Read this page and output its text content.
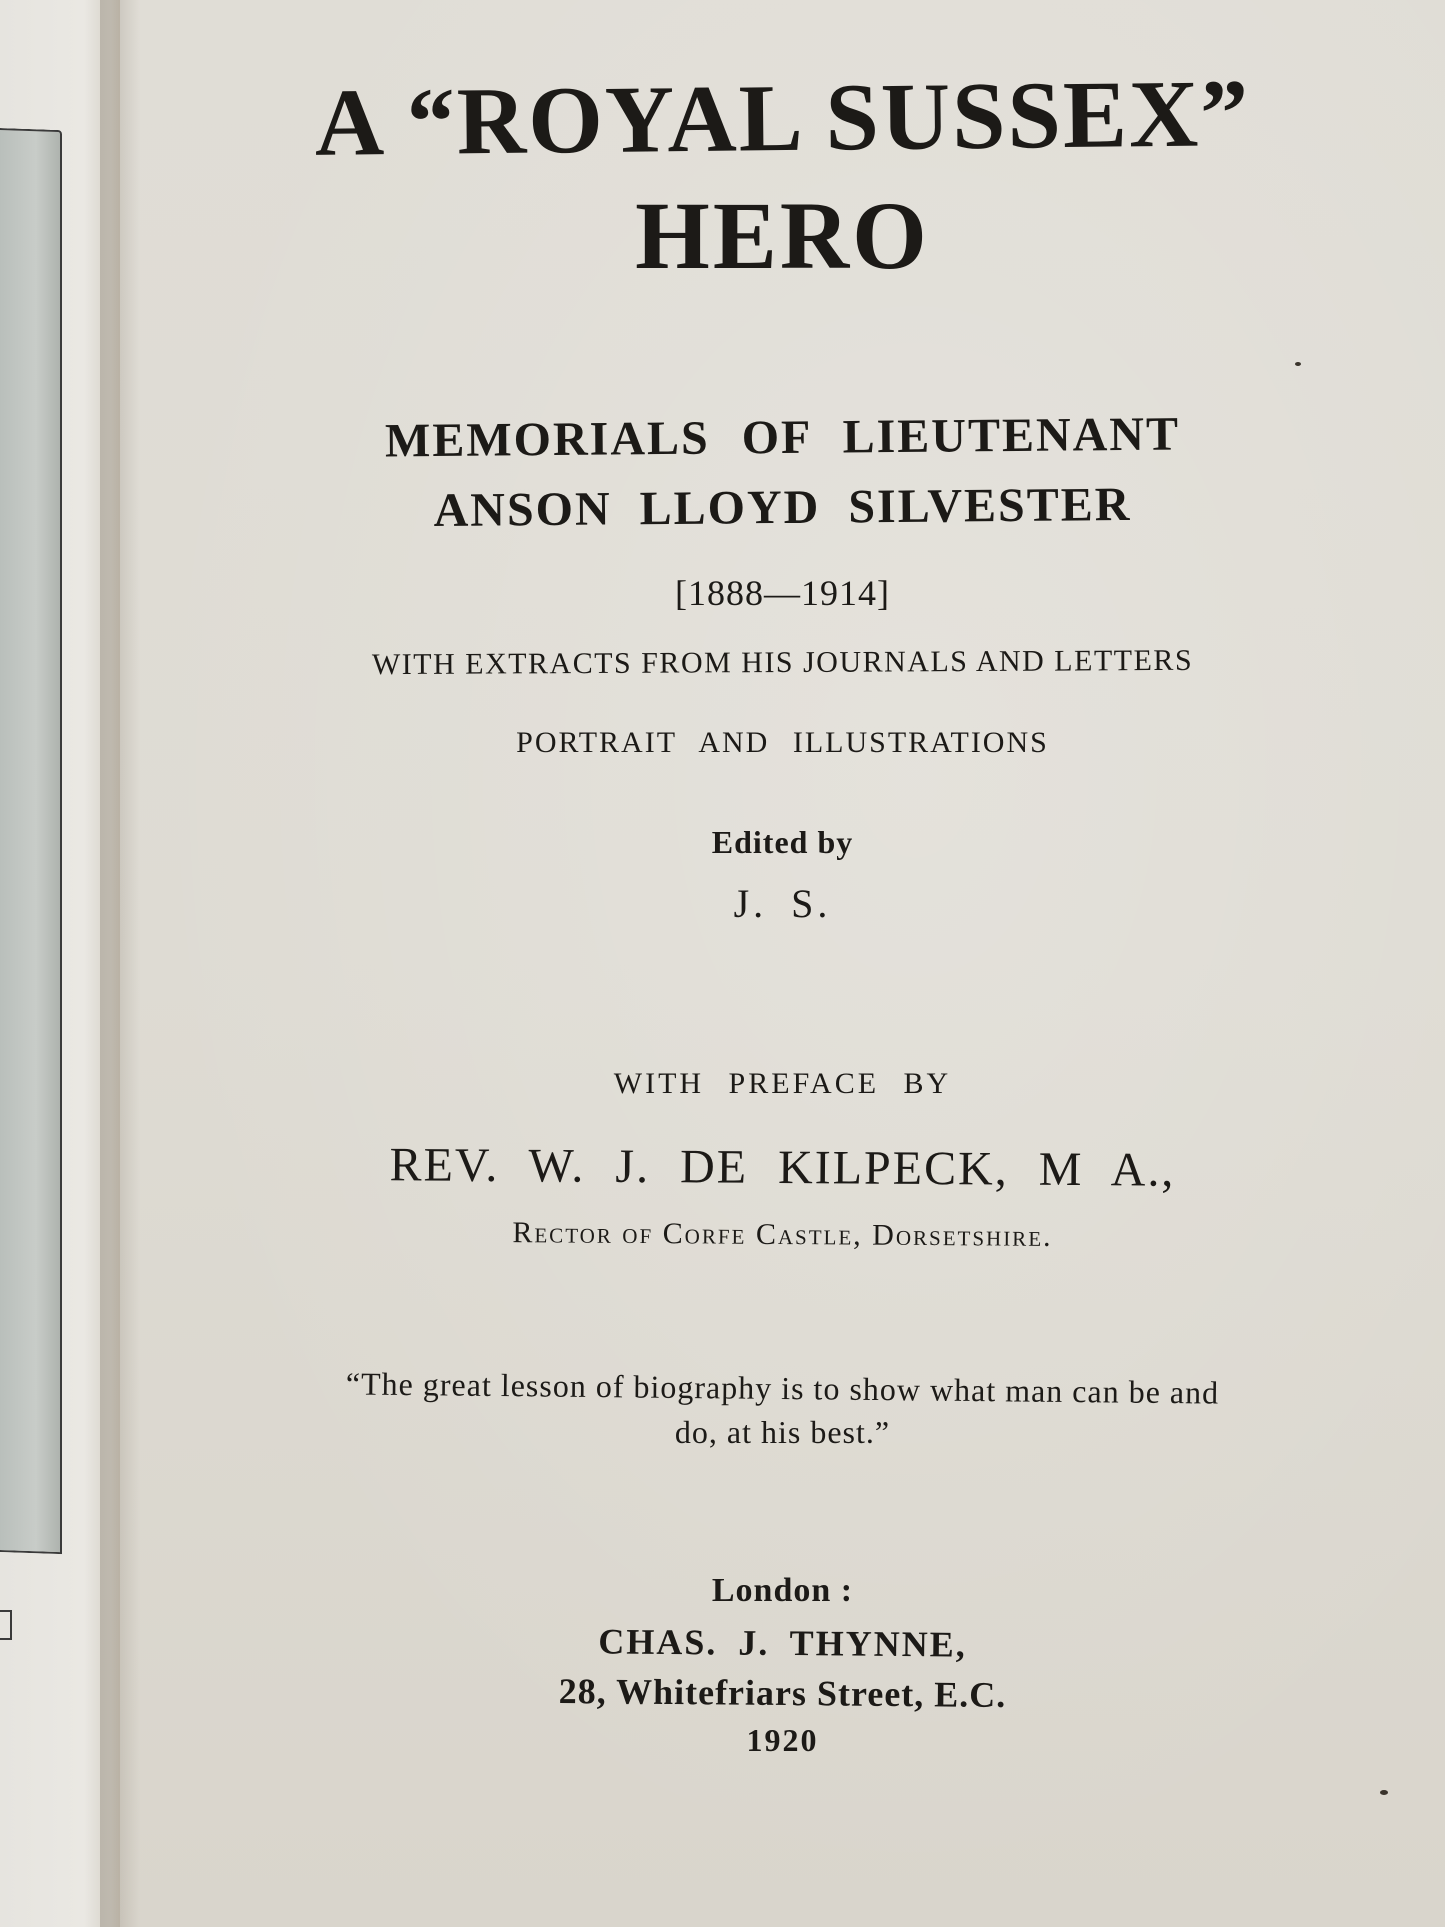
A “ROYAL SUSSEX”
HERO
MEMORIALS OF LIEUTENANT
ANSON LLOYD SILVESTER
[1888—1914]
WITH EXTRACTS FROM HIS JOURNALS AND LETTERS
PORTRAIT AND ILLUSTRATIONS
Edited by
J. S.
WITH PREFACE BY
REV. W. J. DE KILPECK, M A.,
Rector of Corfe Castle, Dorsetshire.
“The great lesson of biography is to show what man can be and
do, at his best.”
London :
CHAS. J. THYNNE,
28, Whitefriars Street, E.C.
1920
